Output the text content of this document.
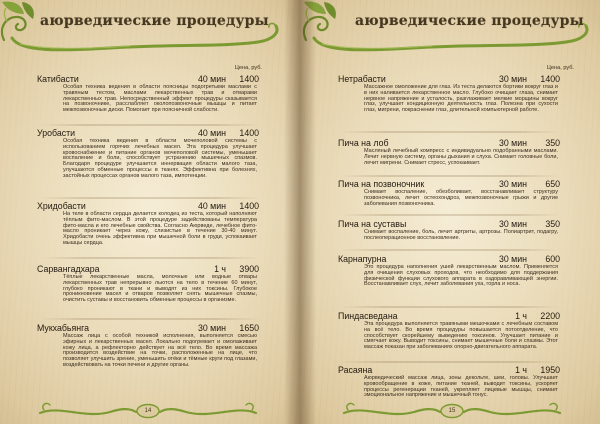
аюрведические процедуры
Цена, руб.
Катибасти	40 мин 1400

Особая техника ведения в области поясницы подогретыми маслами с травяным тестом, маслами лекарственных трав и отварами лекарственных трав. Непосредственный эффект процедуры сказывается на позвоночнике, расслабляет околопозвоночные мышцы и питает межпозвоночные диски. Помогает при поясничной слабости.

Уробасти	40 мин 1400

Особая техника ведения в области мочеполовой системы с использованием горячих лечебных масел. Эта процедура улучшает кровоснабжение и питание органов мочеполовой системы, уменьшает воспаление и боли, способствует устранению мышечных спазмов. Благодаря процедуре улучшается иннервация области малого таза, улучшаются обменные процессы в тканях. Эффективна при болезнях, застойных процессах органов малого таза, импотенции.

Хридобасти	40 мин 1400

На теле в области сердца делается колодец из теста, который наполняют тёплым фито-маслом. В этой процедуре задействованы температура фито-масла и его лечебные свойства. Согласно Аюрведе, лечебное фито-масло проникает через кожу, слизистые в течение 30-40 минут. Хридобасти очень эффективна при мышечной боли в груди, успокаивает мышцы сердца.

Сарвангадхара	1 ч 3900

Тёплые лекарственные масла, молочные или водные отвары лекарственных трав непрерывно льются на тело в течение 60 минут, глубоко проникают в ткани и выводят из них токсины. Глубокое проникновение масел и отваров позволяет снять мышечные спазмы, очистить суставы и восстановить обменные процессы в организме.

Мукхабьянга	30 мин 1650

Массаж лица с особой техникой исполнения, выполняется смесью эфирных и лекарственных масел. Локально подогревает и омолаживает кожу лица, а рефлекторно действует на всё тело. Во время массажа производится воздействие на точки, расположенные на лице, что позволяет улучшить зрение, уменьшить отёки и тёмные круги под глазами, воздействовать на точки печени и другие органы.

14
аюрведические процедуры
Цена, руб.
Нетрабасти	30 мин 1400

Массажное омоложение для глаз. Из теста делаются бортики вокруг глаз и в них наливается лекарственное масло. Глубоко очищает глаза, снимает нервное напряжение и усталость, разглаживает мелкие морщины вокруг глаз, улучшает кондиционную деятельность глаз. Полезна при сухости глаз, мигрени, покраснении глаз, длительной компьютерной работе.

Пича на лоб	30 мин 350

Масляный лечебный компресс с индивидуально подобранными маслами. Лечит нервную систему, органы дыхания и слуха. Снимает головные боли, лечит мигрени. Снимает стресс, успокаивает.

Пича на позвоночник	30 мин 650

Снимает воспаление, обезболивает, восстанавливает структуру позвоночника, лечит остеохондроз, межпозвоночные грыжи и другие заболевания позвоночника.

Пича на суставы	30 мин 350

Снимает воспаление, боль, лечит артриты, артрозы. Полиартрит, подагру, послеоперационное восстановление.

Карнапурна	30 мин 600

Это процедура наполнения ушей лекарственным маслом. Применяется для очищения слуховых проходов, что необходимо для поддержания физической функции слухового аппарата в оздоравливающей энергии. Восстанавливает слух, лечит заболевания уха, горла и носа.

Пиндасведана	1 ч 2200

Эта процедура выполняется травяными мешочками с лечебным составом на всё тело. Во время процедуры повышается потоотделение, что способствует скорейшему выведению токсинов. Улучшает питание и смягчает кожу. Выводит токсины, снимает мышечные боли и спазмы. Этот массаж показан при заболеваниях опорно-двигательного аппарата.

Расаяна	1 ч 1950

Аюрведический массаж лица, зоны декольте, шеи, головы. Улучшает кровообращение в коже, питание тканей, выводит токсины, ускоряет процессы регенерации тканей, укрепляет лицевые мышцы, снимает эмоциональное напряжение и мышечный тонус.

15
